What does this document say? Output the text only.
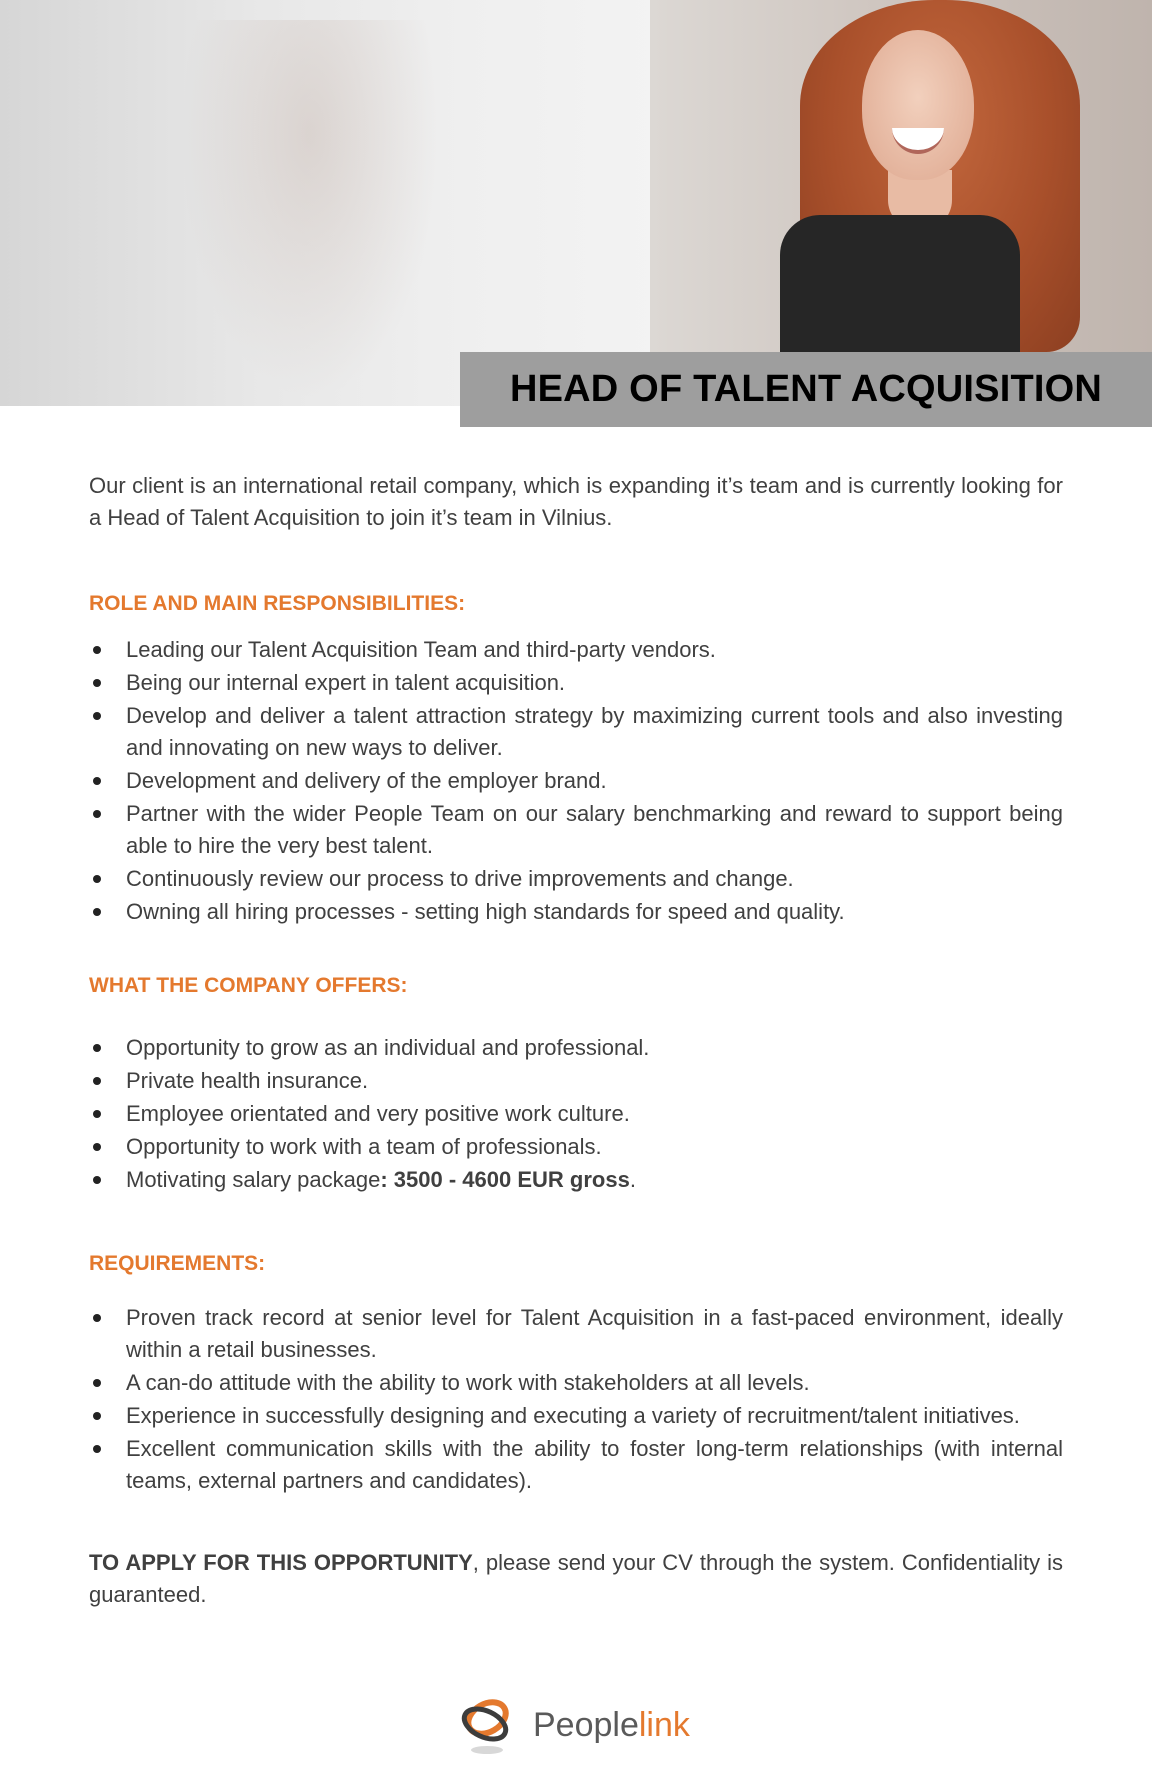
HEAD OF TALENT ACQUISITION

Our client is an international retail company, which is expanding it’s team and is currently looking for a Head of Talent Acquisition to join it’s team in Vilnius.

ROLE AND MAIN RESPONSIBILITIES:
Leading our Talent Acquisition Team and third-party vendors.
Being our internal expert in talent acquisition.
Develop and deliver a talent attraction strategy by maximizing current tools and also investing and innovating on new ways to deliver.
Development and delivery of the employer brand.
Partner with the wider People Team on our salary benchmarking and reward to support being able to hire the very best talent.
Continuously review our process to drive improvements and change.
Owning all hiring processes - setting high standards for speed and quality.
WHAT THE COMPANY OFFERS:
Opportunity to grow as an individual and professional.
Private health insurance.
Employee orientated and very positive work culture.
Opportunity to work with a team of professionals.
Motivating salary package: 3500 - 4600 EUR gross.
REQUIREMENTS:
Proven track record at senior level for Talent Acquisition in a fast-paced environment, ideally within a retail businesses.
A can-do attitude with the ability to work with stakeholders at all levels.
Experience in successfully designing and executing a variety of recruitment/talent initiatives.
Excellent communication skills with the ability to foster long-term relationships (with internal teams, external partners and candidates).

TO APPLY FOR THIS OPPORTUNITY, please send your CV through the system. Confidentiality is guaranteed.

Peoplelink
